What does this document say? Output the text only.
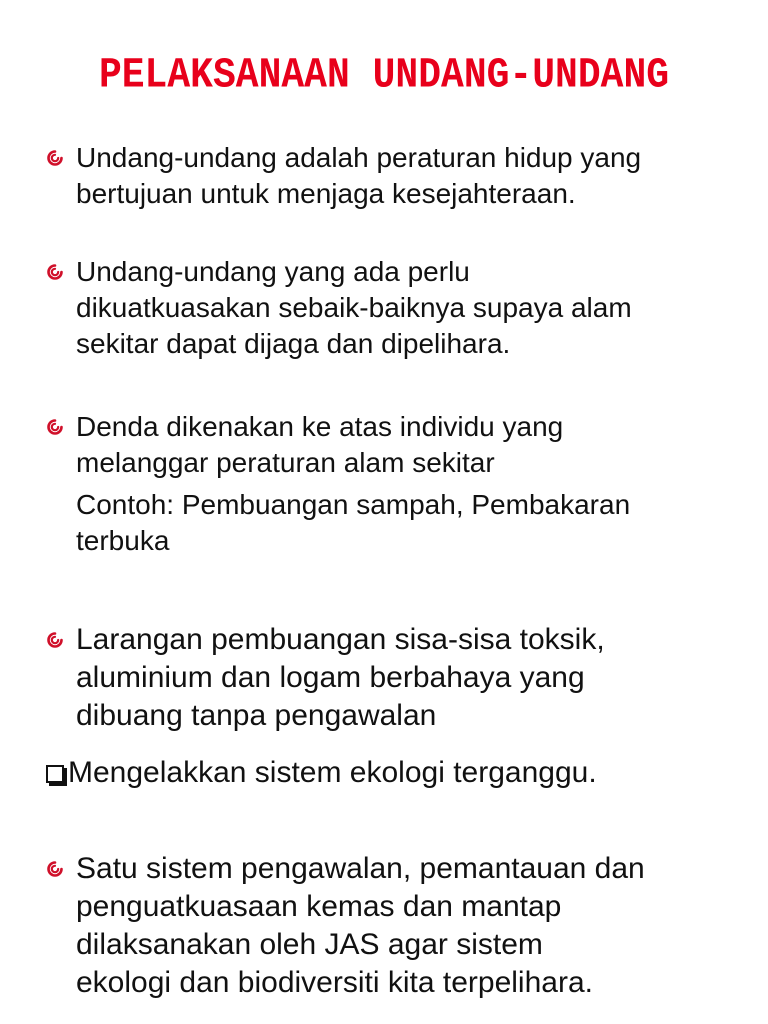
PELAKSANAAN UNDANG-UNDANG
Undang-undang adalah peraturan hidup yang
bertujuan untuk menjaga kesejahteraan.
Undang-undang yang ada perlu
dikuatkuasakan sebaik-baiknya supaya alam
sekitar dapat dijaga dan dipelihara.
Denda dikenakan ke atas individu yang
melanggar peraturan alam sekitar
Contoh: Pembuangan sampah, Pembakaran
terbuka
Larangan pembuangan sisa-sisa toksik,
aluminium dan logam berbahaya yang
dibuang tanpa pengawalan
Mengelakkan sistem ekologi terganggu.
Satu sistem pengawalan, pemantauan dan
penguatkuasaan kemas dan mantap
dilaksanakan oleh JAS agar sistem
ekologi dan biodiversiti kita terpelihara.
